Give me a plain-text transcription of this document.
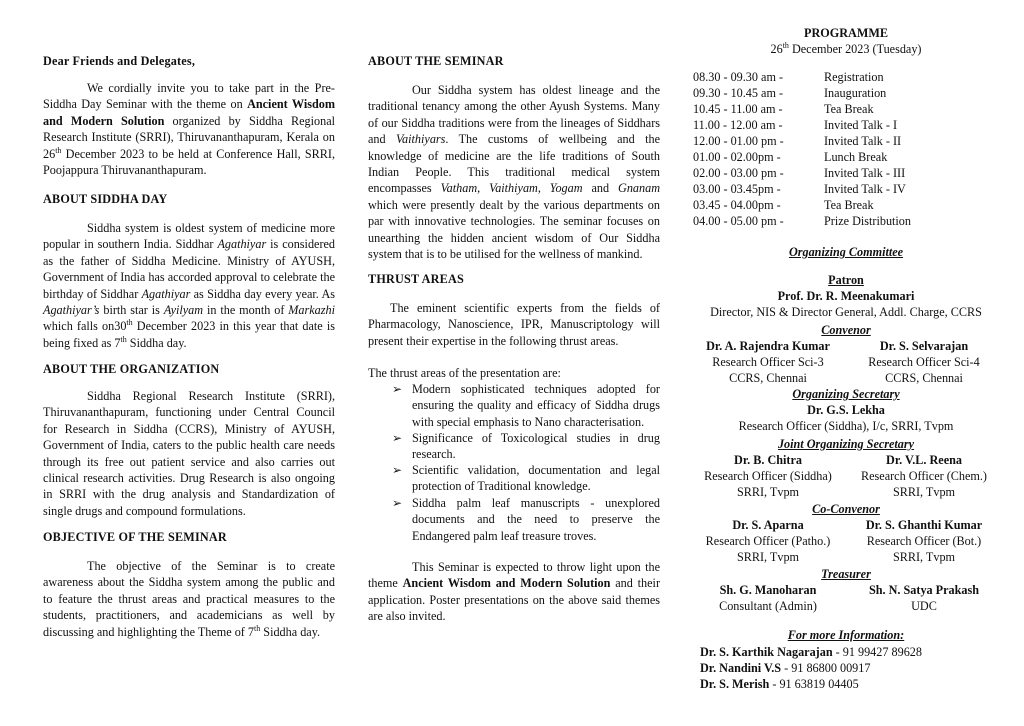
Dear Friends and Delegates,
We cordially invite you to take part in the Pre-Siddha Day Seminar with the theme on Ancient Wisdom and Modern Solution organized by Siddha Regional Research Institute (SRRI), Thiruvananthapuram, Kerala on 26th December 2023 to be held at Conference Hall, SRRI, Poojappura Thiruvananthapuram.
ABOUT SIDDHA DAY
Siddha system is oldest system of medicine more popular in southern India. Siddhar Agathiyar is considered as the father of Siddha Medicine. Ministry of AYUSH, Government of India has accorded approval to celebrate the birthday of Siddhar Agathiyar as Siddha day every year. As Agathiyar’s birth star is Ayilyam in the month of Markazhi which falls on30th December 2023 in this year that date is being fixed as 7th Siddha day.
ABOUT THE ORGANIZATION
Siddha Regional Research Institute (SRRI), Thiruvananthapuram, functioning under Central Council for Research in Siddha (CCRS), Ministry of AYUSH, Government of India, caters to the public health care needs through its free out patient service and also carries out clinical research activities. Drug Research is also ongoing in SRRI with the drug analysis and Standardization of single drugs and compound formulations.
OBJECTIVE OF THE SEMINAR
The objective of the Seminar is to create awareness about the Siddha system among the public and to feature the thrust areas and practical measures to the students, practitioners, and academicians as well by discussing and highlighting the Theme of 7th Siddha day.
ABOUT THE SEMINAR
Our Siddha system has oldest lineage and the traditional tenancy among the other Ayush Systems. Many of our Siddha traditions were from the lineages of Siddhars and Vaithiyars. The customs of wellbeing and the knowledge of medicine are the life traditions of South Indian People. This traditional medical system encompasses Vatham, Vaithiyam, Yogam and Gnanam which were presently dealt by the various departments on par with innovative technologies. The seminar focuses on unearthing the hidden ancient wisdom of Our Siddha system that is to be utilised for the wellness of mankind.
THRUST AREAS
The eminent scientific experts from the fields of Pharmacology, Nanoscience, IPR, Manuscriptology will present their expertise in the following thrust areas.
The thrust areas of the presentation are:
➢ Modern sophisticated techniques adopted for ensuring the quality and efficacy of Siddha drugs with special emphasis to Nano characterisation.
➢ Significance of Toxicological studies in drug research.
➢ Scientific validation, documentation and legal protection of Traditional knowledge.
➢ Siddha palm leaf manuscripts - unexplored documents and the need to preserve the Endangered palm leaf treasure troves.
This Seminar is expected to throw light upon the theme Ancient Wisdom and Modern Solution and their application. Poster presentations on the above said themes are also invited.
PROGRAMME
26th December 2023 (Tuesday)
08.30 - 09.30 am -	Registration
09.30 - 10.45 am -	Inauguration
10.45 - 11.00 am -	Tea Break
11.00 - 12.00 am -	Invited Talk - I
12.00 - 01.00 pm -	Invited Talk - II
01.00 - 02.00pm -	Lunch Break
02.00 - 03.00 pm -	Invited Talk - III
03.00 - 03.45pm -	Invited Talk - IV
03.45 - 04.00pm -	Tea Break
04.00 - 05.00 pm -	Prize Distribution
Organizing Committee
Patron
Prof. Dr. R. Meenakumari
Director, NIS & Director General, Addl. Charge, CCRS
Convenor
Dr. A. Rajendra Kumar	Dr. S. Selvarajan
Research Officer Sci-3	Research Officer Sci-4
CCRS, Chennai	CCRS, Chennai
Organizing Secretary
Dr. G.S. Lekha
Research Officer (Siddha), I/c, SRRI, Tvpm
Joint Organizing Secretary
Dr. B. Chitra	Dr. V.L. Reena
Research Officer (Siddha)	Research Officer (Chem.)
SRRI, Tvpm	SRRI, Tvpm
Co-Convenor
Dr. S. Aparna	Dr. S. Ghanthi Kumar
Research Officer (Patho.)	Research Officer (Bot.)
SRRI, Tvpm	SRRI, Tvpm
Treasurer
Sh. G. Manoharan	Sh. N. Satya Prakash
Consultant (Admin)	UDC
For more Information:
Dr. S. Karthik Nagarajan - 91 99427 89628
Dr. Nandini V.S - 91 86800 00917
Dr. S. Merish - 91 63819 04405
